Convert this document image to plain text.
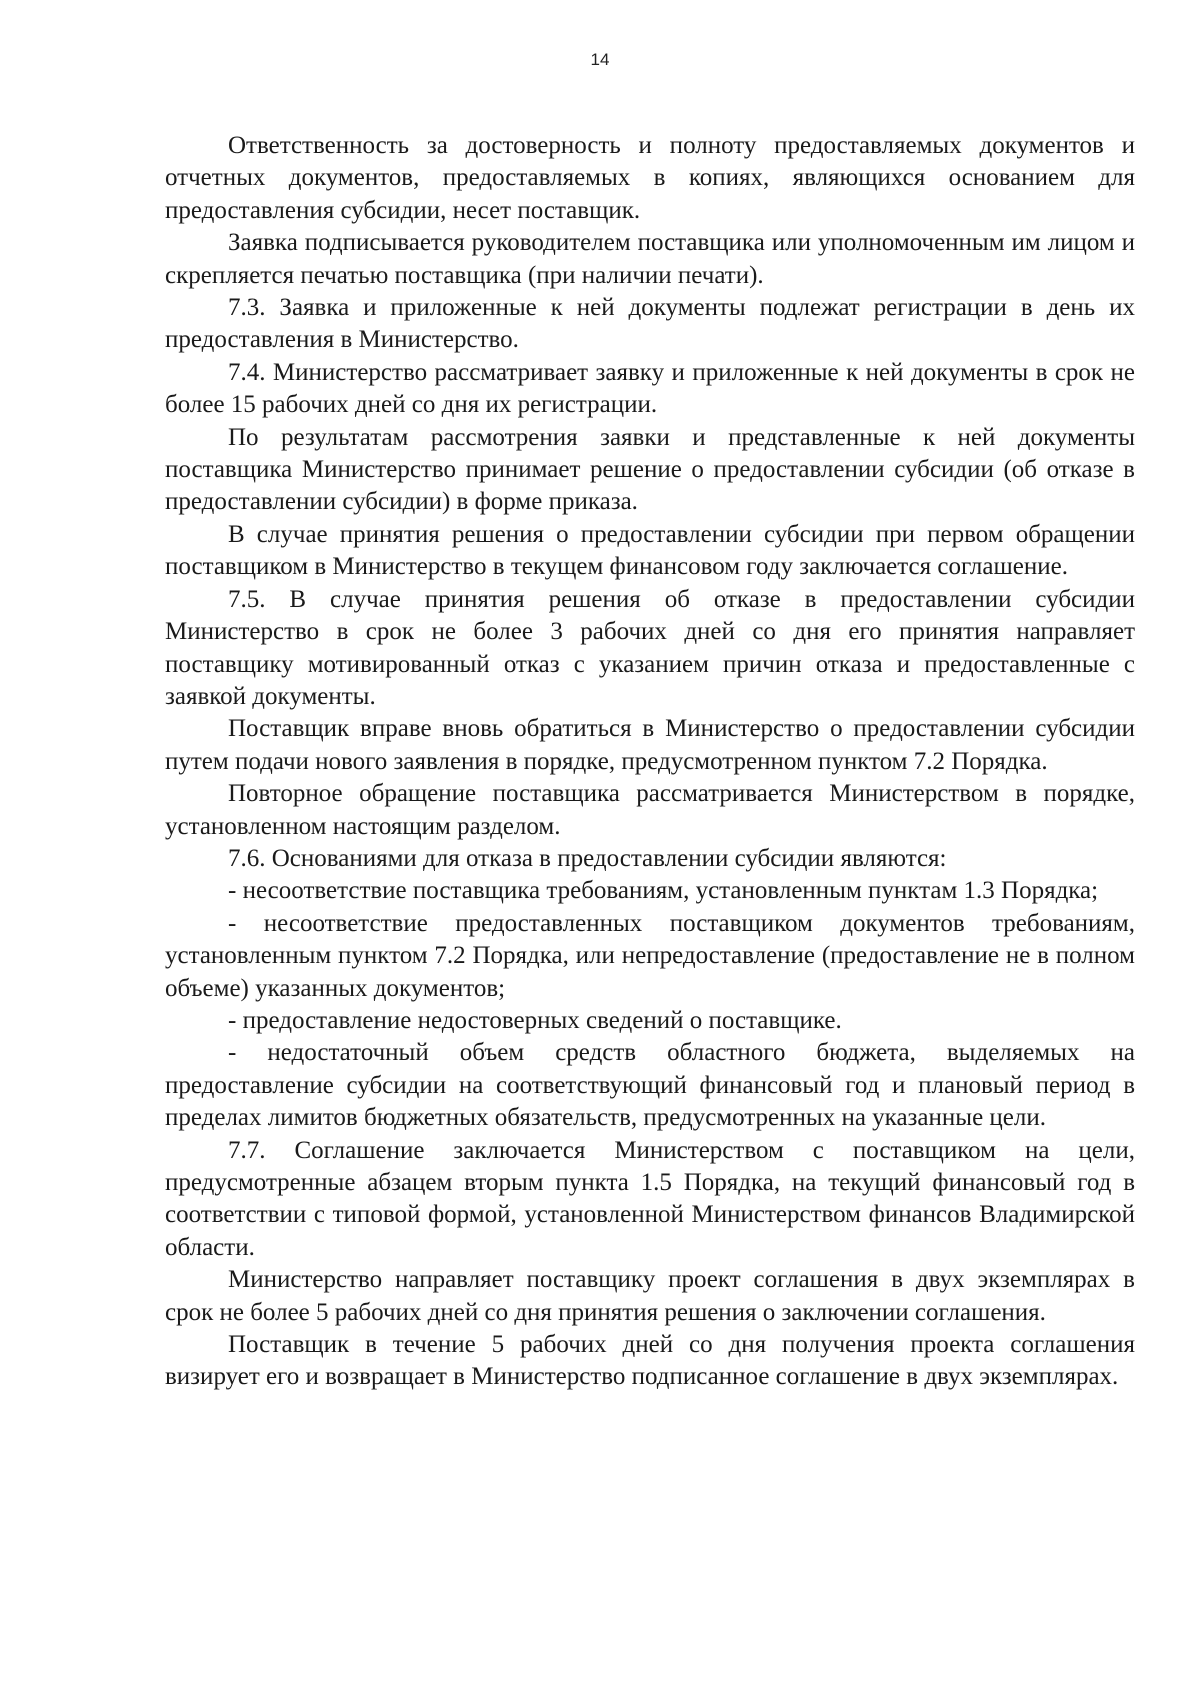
14

Ответственность за достоверность и полноту предоставляемых документов и отчетных документов, предоставляемых в копиях, являющихся основанием для предоставления субсидии, несет поставщик.

Заявка подписывается руководителем поставщика или уполномоченным им лицом и скрепляется печатью поставщика (при наличии печати).

7.3. Заявка и приложенные к ней документы подлежат регистрации в день их предоставления в Министерство.

7.4. Министерство рассматривает заявку и приложенные к ней документы в срок не более 15 рабочих дней со дня их регистрации.

По результатам рассмотрения заявки и представленные к ней документы поставщика Министерство принимает решение о предоставлении субсидии (об отказе в предоставлении субсидии) в форме приказа.

В случае принятия решения о предоставлении субсидии при первом обращении поставщиком в Министерство в текущем финансовом году заключается соглашение.

7.5. В случае принятия решения об отказе в предоставлении субсидии Министерство в срок не более 3 рабочих дней со дня его принятия направляет поставщику мотивированный отказ с указанием причин отказа и предоставленные с заявкой документы.

Поставщик вправе вновь обратиться в Министерство о предоставлении субсидии путем подачи нового заявления в порядке, предусмотренном пунктом 7.2 Порядка.

Повторное обращение поставщика рассматривается Министерством в порядке, установленном настоящим разделом.

7.6. Основаниями для отказа в предоставлении субсидии являются:

- несоответствие поставщика требованиям, установленным пунктам 1.3 Порядка;

- несоответствие предоставленных поставщиком документов требованиям, установленным пунктом 7.2 Порядка, или непредоставление (предоставление не в полном объеме) указанных документов;

- предоставление недостоверных сведений о поставщике.

- недостаточный объем средств областного бюджета, выделяемых на предоставление субсидии на соответствующий финансовый год и плановый период в пределах лимитов бюджетных обязательств, предусмотренных на указанные цели.

7.7. Соглашение заключается Министерством с поставщиком на цели, предусмотренные абзацем вторым пункта 1.5 Порядка, на текущий финансовый год в соответствии с типовой формой, установленной Министерством финансов Владимирской области.

Министерство направляет поставщику проект соглашения в двух экземплярах в срок не более 5 рабочих дней со дня принятия решения о заключении соглашения.

Поставщик в течение 5 рабочих дней со дня получения проекта соглашения визирует его и возвращает в Министерство подписанное соглашение в двух экземплярах.
